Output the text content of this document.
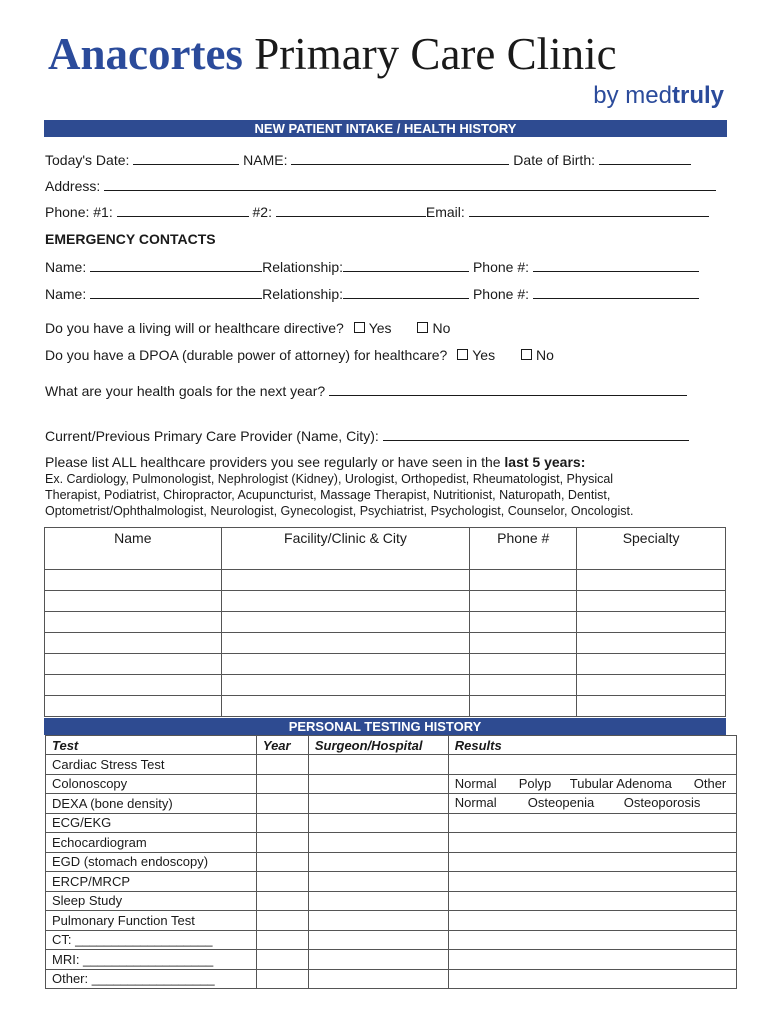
Anacortes Primary Care Clinic
by medtruly
NEW PATIENT INTAKE / HEALTH HISTORY
Today's Date:	NAME:	Date of Birth:
Address:
Phone: #1:	#2:	Email:
EMERGENCY CONTACTS
Name:	Relationship:	Phone #:
Name:	Relationship:	Phone #:
Do you have a living will or healthcare directive? Yes	No
Do you have a DPOA (durable power of attorney) for healthcare? Yes	No
What are your health goals for the next year?
Current/Previous Primary Care Provider (Name, City):
Please list ALL healthcare providers you see regularly or have seen in the last 5 years:
Ex. Cardiology, Pulmonologist, Nephrologist (Kidney), Urologist, Orthopedist, Rheumatologist, Physical
Therapist, Podiatrist, Chiropractor, Acupuncturist, Massage Therapist, Nutritionist, Naturopath, Dentist,
Optometrist/Ophthalmologist, Neurologist, Gynecologist, Psychiatrist, Psychologist, Counselor, Oncologist.
Name	Facility/Clinic & City	Phone #	Specialty

PERSONAL TESTING HISTORY
Test	Year	Surgeon/Hospital	Results
Cardiac Stress Test			
Colonoscopy			Normal Polyp Tubular Adenoma Other

DEXA (bone density)			Normal Osteopenia Osteoporosis

ECG/EKG			
Echocardiogram			
EGD (stomach endoscopy)			
ERCP/MRCP			
Sleep Study			
Pulmonary Function Test			
CT: ___________________			
MRI: __________________			
Other: _________________			
